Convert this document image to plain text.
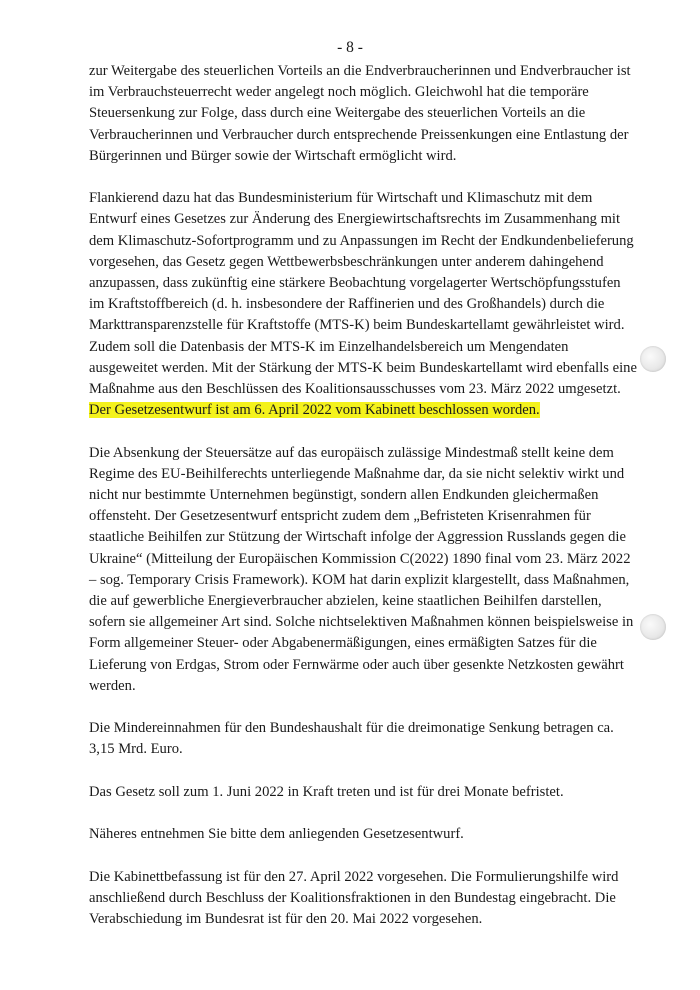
- 8 -

zur Weitergabe des steuerlichen Vorteils an die Endverbraucherinnen und Endverbraucher ist
im Verbrauchsteuerrecht weder angelegt noch möglich. Gleichwohl hat die temporäre
Steuersenkung zur Folge, dass durch eine Weitergabe des steuerlichen Vorteils an die
Verbraucherinnen und Verbraucher durch entsprechende Preissenkungen eine Entlastung der
Bürgerinnen und Bürger sowie der Wirtschaft ermöglicht wird.

Flankierend dazu hat das Bundesministerium für Wirtschaft und Klimaschutz mit dem
Entwurf eines Gesetzes zur Änderung des Energiewirtschaftsrechts im Zusammenhang mit
dem Klimaschutz-Sofortprogramm und zu Anpassungen im Recht der Endkundenbelieferung
vorgesehen, das Gesetz gegen Wettbewerbsbeschränkungen unter anderem dahingehend
anzupassen, dass zukünftig eine stärkere Beobachtung vorgelagerter Wertschöpfungsstufen
im Kraftstoffbereich (d. h. insbesondere der Raffinerien und des Großhandels) durch die
Markttransparenzstelle für Kraftstoffe (MTS-K) beim Bundeskartellamt gewährleistet wird.
Zudem soll die Datenbasis der MTS-K im Einzelhandelsbereich um Mengendaten
ausgeweitet werden. Mit der Stärkung der MTS-K beim Bundeskartellamt wird ebenfalls eine
Maßnahme aus den Beschlüssen des Koalitionsausschusses vom 23. März 2022 umgesetzt.
Der Gesetzesentwurf ist am 6. April 2022 vom Kabinett beschlossen worden.

Die Absenkung der Steuersätze auf das europäisch zulässige Mindestmaß stellt keine dem
Regime des EU-Beihilferechts unterliegende Maßnahme dar, da sie nicht selektiv wirkt und
nicht nur bestimmte Unternehmen begünstigt, sondern allen Endkunden gleichermaßen
offensteht. Der Gesetzesentwurf entspricht zudem dem „Befristeten Krisenrahmen für
staatliche Beihilfen zur Stützung der Wirtschaft infolge der Aggression Russlands gegen die
Ukraine“ (Mitteilung der Europäischen Kommission C(2022) 1890 final vom 23. März 2022
– sog. Temporary Crisis Framework). KOM hat darin explizit klargestellt, dass Maßnahmen,
die auf gewerbliche Energieverbraucher abzielen, keine staatlichen Beihilfen darstellen,
sofern sie allgemeiner Art sind. Solche nichtselektiven Maßnahmen können beispielsweise in
Form allgemeiner Steuer- oder Abgabenermäßigungen, eines ermäßigten Satzes für die
Lieferung von Erdgas, Strom oder Fernwärme oder auch über gesenkte Netzkosten gewährt
werden.

Die Mindereinnahmen für den Bundeshaushalt für die dreimonatige Senkung betragen ca.
3,15 Mrd. Euro.

Das Gesetz soll zum 1. Juni 2022 in Kraft treten und ist für drei Monate befristet.

Näheres entnehmen Sie bitte dem anliegenden Gesetzesentwurf.

Die Kabinettbefassung ist für den 27. April 2022 vorgesehen. Die Formulierungshilfe wird
anschließend durch Beschluss der Koalitionsfraktionen in den Bundestag eingebracht. Die
Verabschiedung im Bundesrat ist für den 20. Mai 2022 vorgesehen.
